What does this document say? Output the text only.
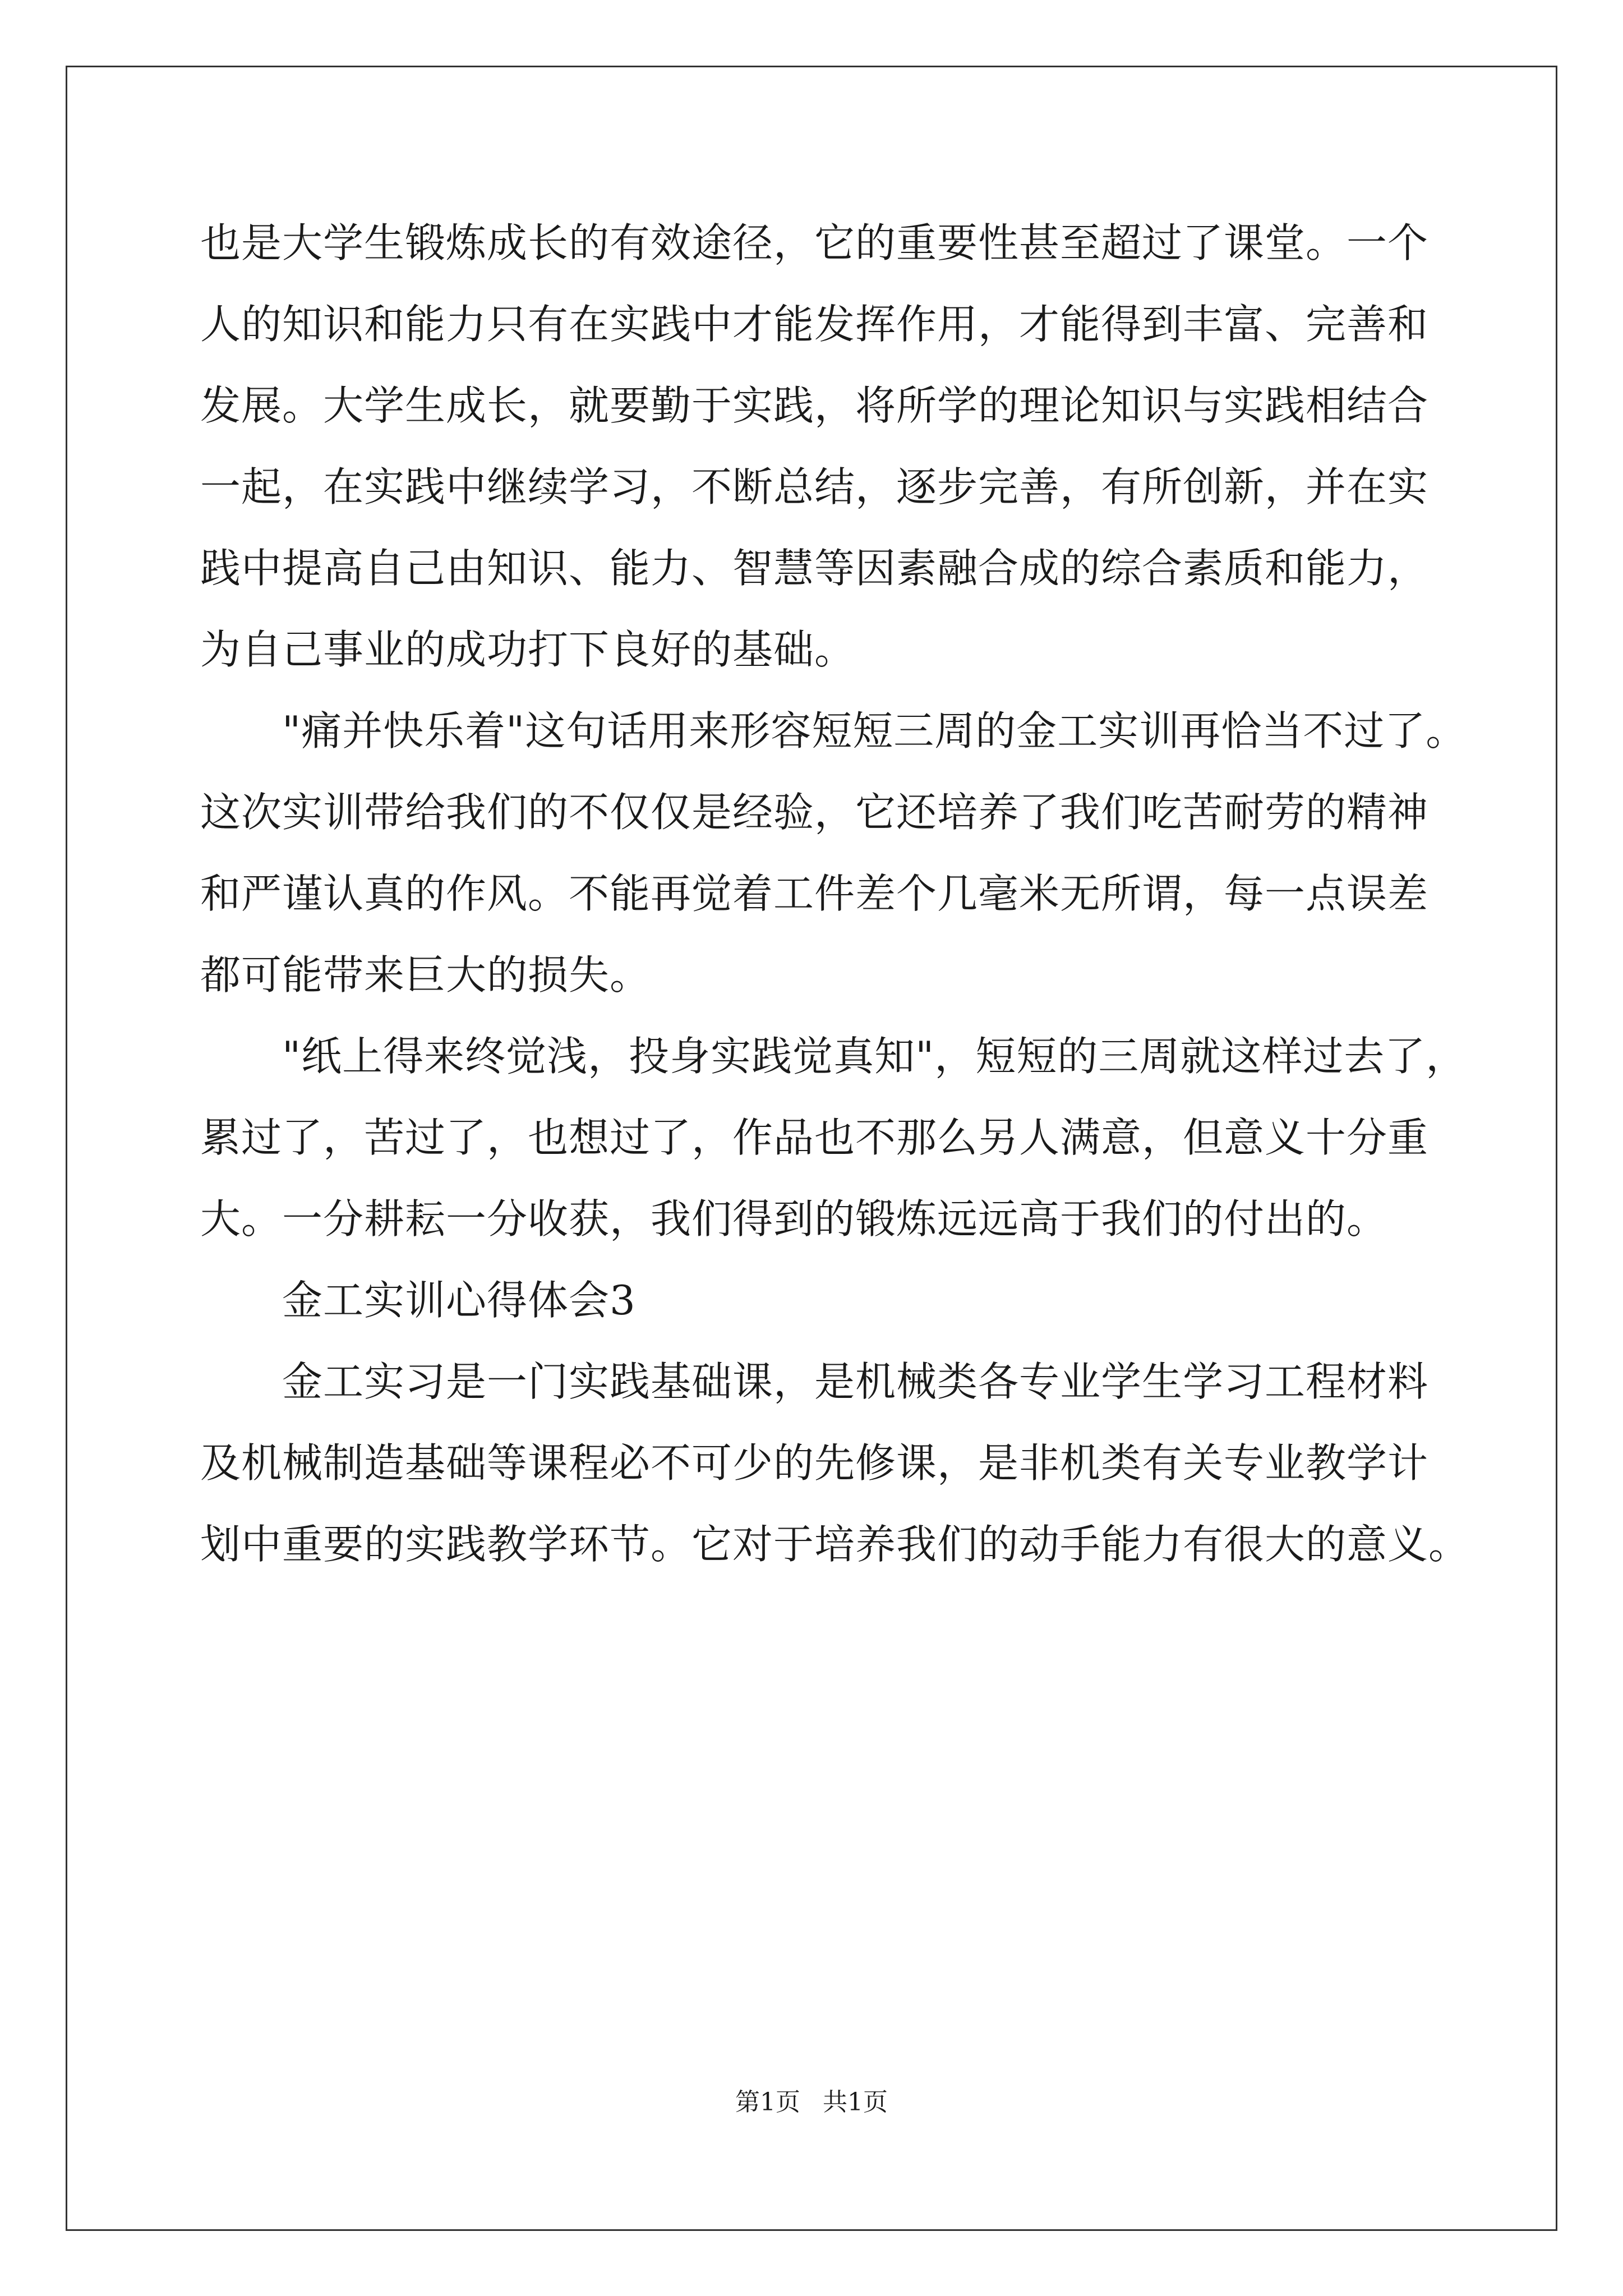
也是大学生锻炼成长的有效途径，它的重要性甚至超过了课堂。一个
人的知识和能力只有在实践中才能发挥作用，才能得到丰富、完善和
发展。大学生成长，就要勤于实践，将所学的理论知识与实践相结合
一起，在实践中继续学习，不断总结，逐步完善，有所创新，并在实
践中提高自己由知识、能力、智慧等因素融合成的综合素质和能力，
为自己事业的成功打下良好的基础。
"痛并快乐着"这句话用来形容短短三周的金工实训再恰当不过了。
这次实训带给我们的不仅仅是经验，它还培养了我们吃苦耐劳的精神
和严谨认真的作风。不能再觉着工件差个几毫米无所谓，每一点误差
都可能带来巨大的损失。
"纸上得来终觉浅，投身实践觉真知"，短短的三周就这样过去了，
累过了，苦过了，也想过了，作品也不那么另人满意，但意义十分重
大。一分耕耘一分收获，我们得到的锻炼远远高于我们的付出的。
金工实训心得体会3
金工实习是一门实践基础课，是机械类各专业学生学习工程材料
及机械制造基础等课程必不可少的先修课，是非机类有关专业教学计
划中重要的实践教学环节。它对于培养我们的动手能力有很大的意义。
第1页 共1页
